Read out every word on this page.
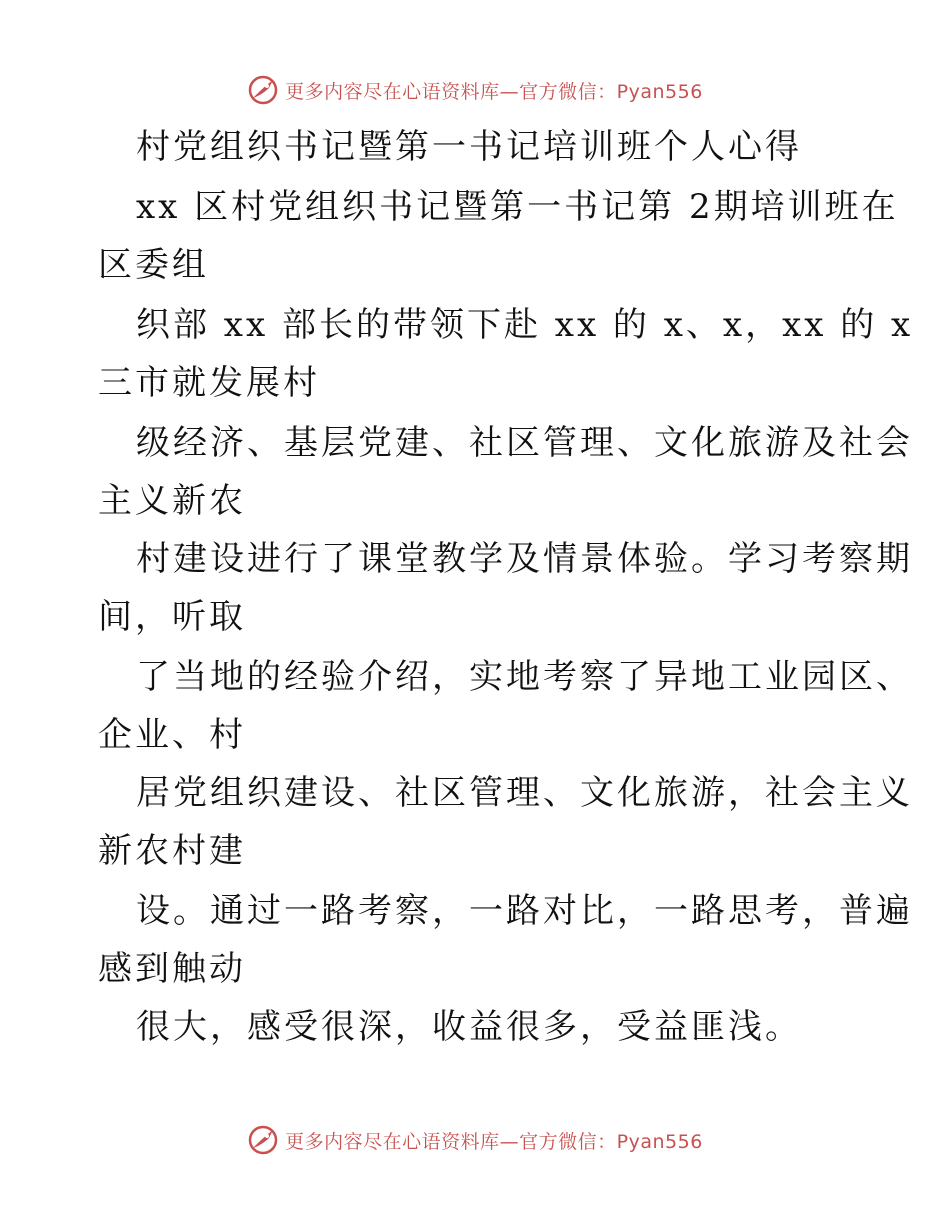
更多内容尽在心语资料库—官方微信：Pyan556
村党组织书记暨第一书记培训班个人心得
xx 区村党组织书记暨第一书记第 2期培训班在
区委组
织部 xx 部长的带领下赴 xx 的 x、x，xx 的 x
三市就发展村
级经济、基层党建、社区管理、文化旅游及社会
主义新农
村建设进行了课堂教学及情景体验。学习考察期
间，听取
了当地的经验介绍，实地考察了异地工业园区、
企业、村
居党组织建设、社区管理、文化旅游，社会主义
新农村建
设。通过一路考察，一路对比，一路思考，普遍
感到触动
很大，感受很深，收益很多，受益匪浅。
更多内容尽在心语资料库—官方微信：Pyan556
